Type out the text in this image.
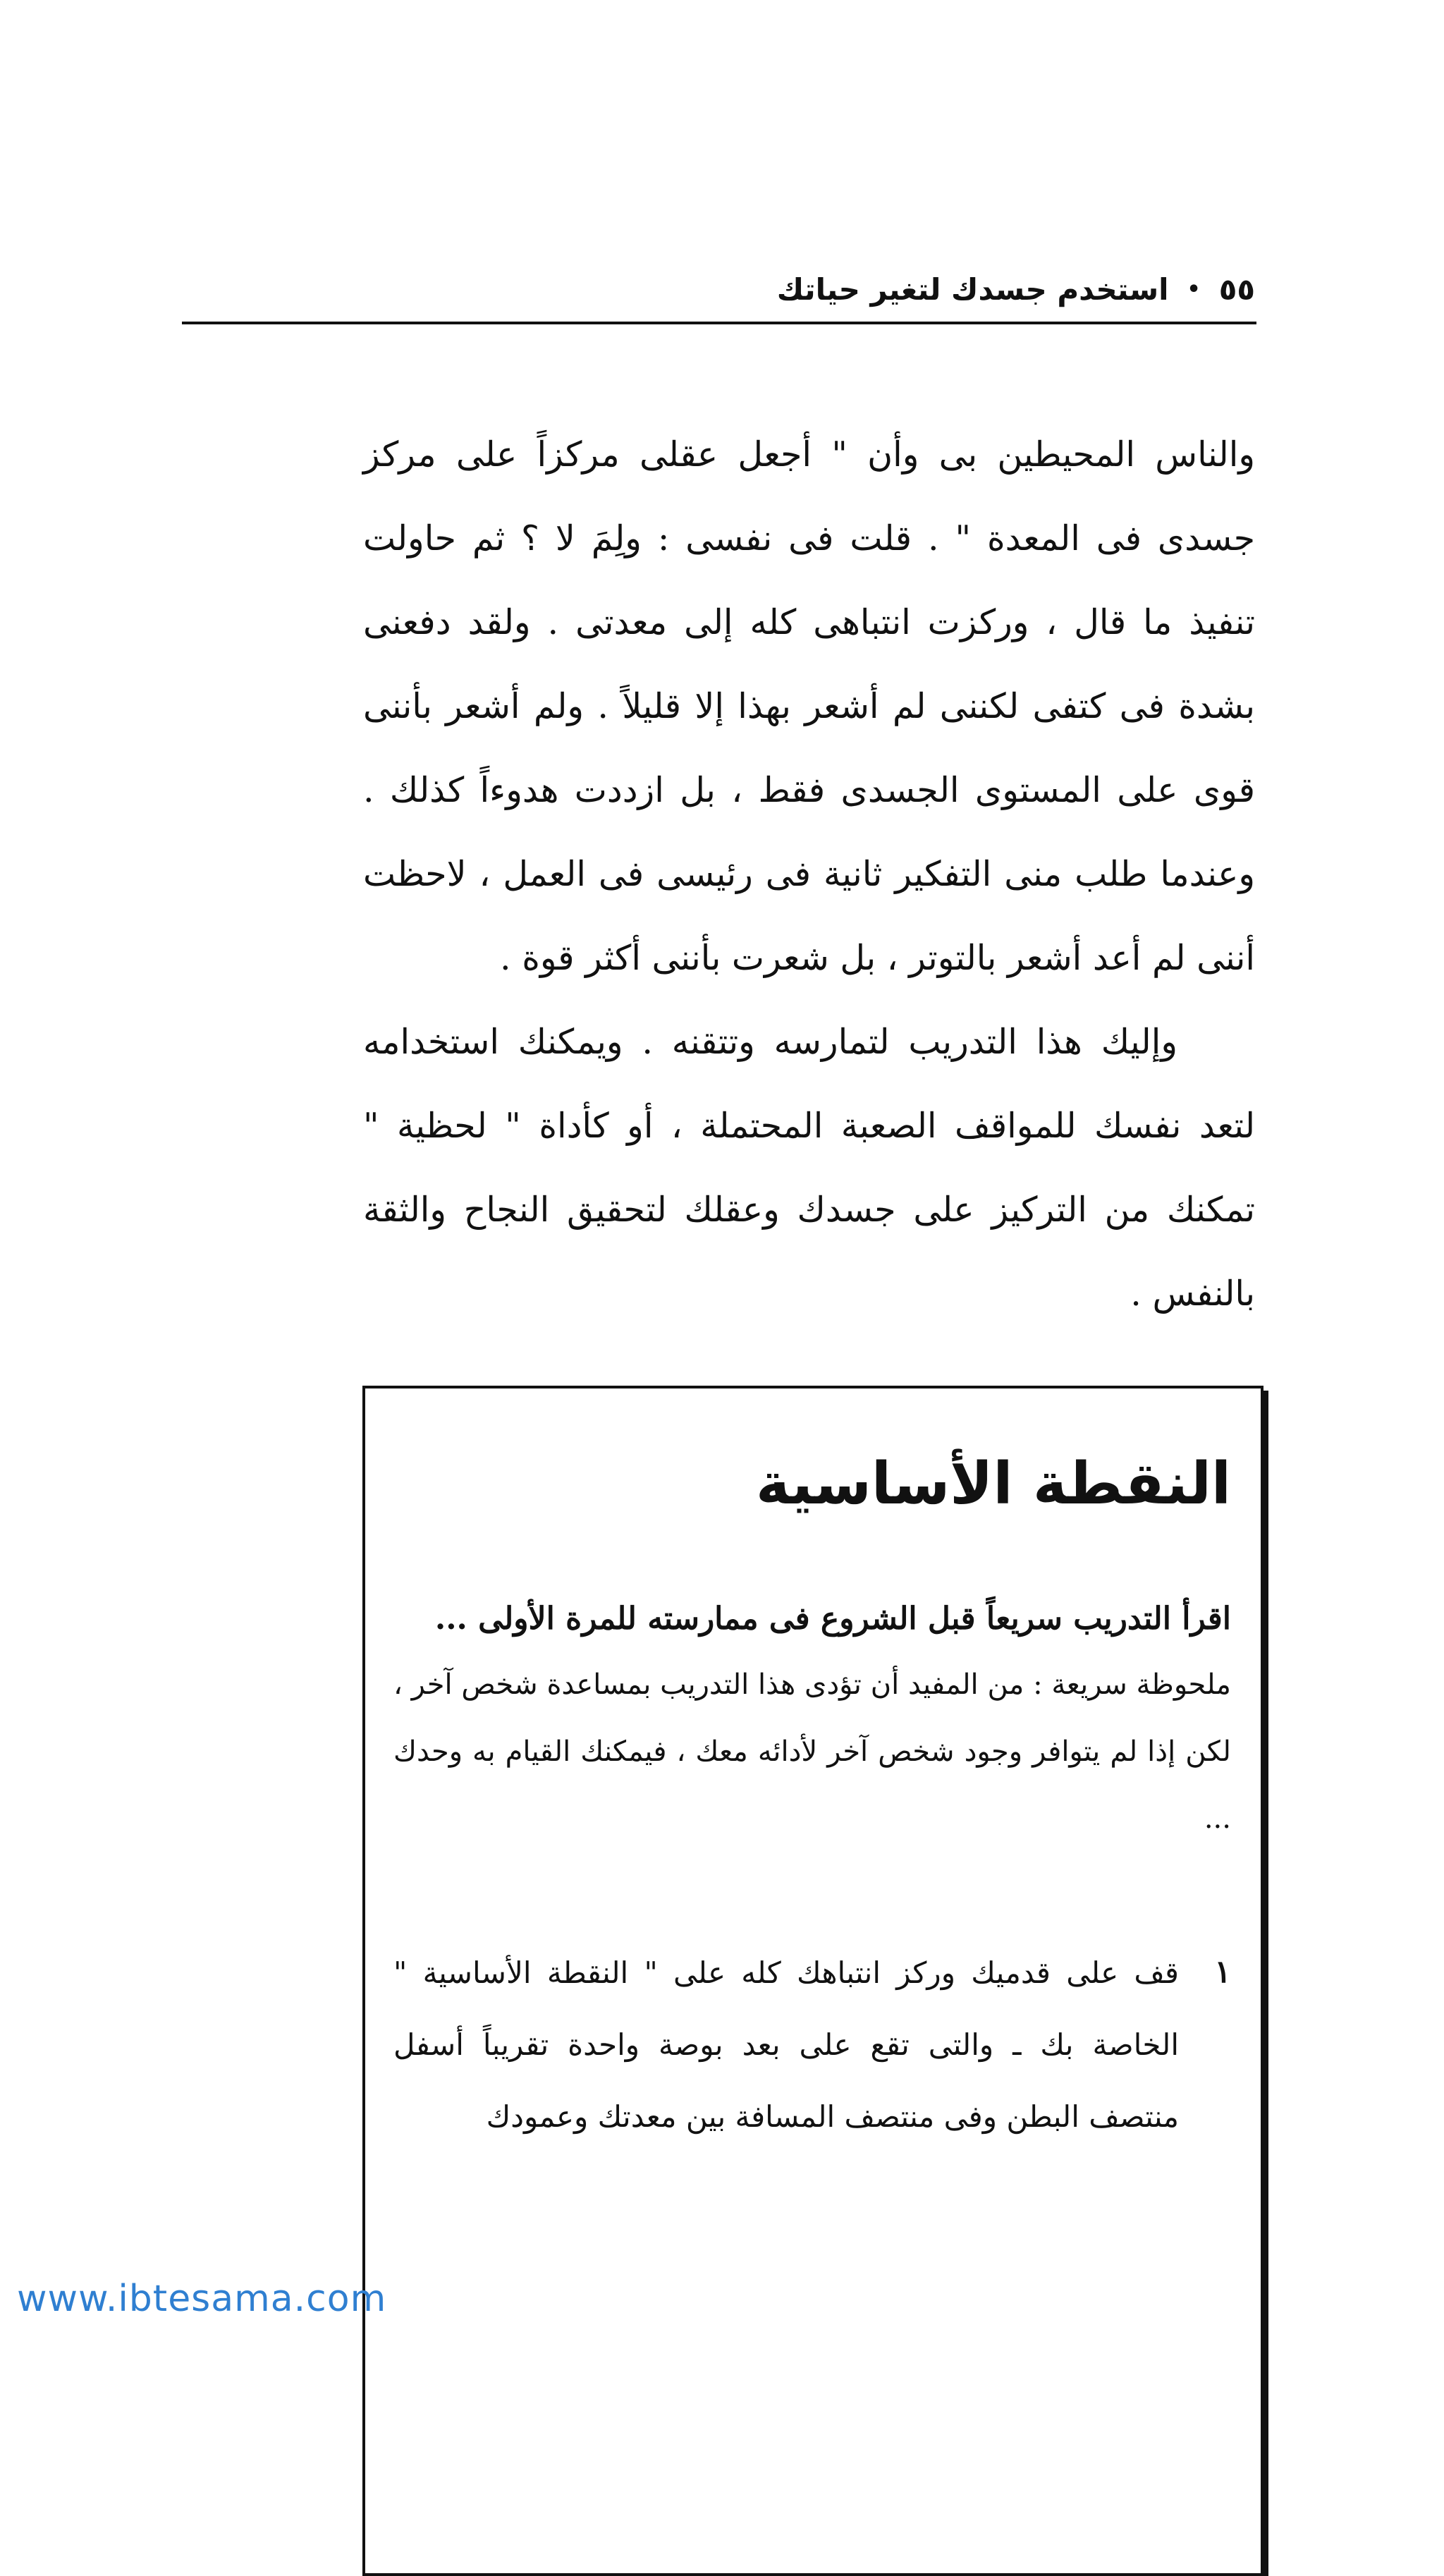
٥٥
•
استخدم جسدك لتغير حياتك

والناس المحيطين بى وأن " أجعل عقلى مركزاً على مركز جسدى فى المعدة " . قلت فى نفسى : ولِمَ لا ؟ ثم حاولت تنفيذ ما قال ، وركزت انتباهى كله إلى معدتى . ولقد دفعنى بشدة فى كتفى لكننى لم أشعر بهذا إلا قليلاً . ولم أشعر بأننى قوى على المستوى الجسدى فقط ، بل ازددت هدوءاً كذلك . وعندما طلب منى التفكير ثانية فى رئيسى فى العمل ، لاحظت أننى لم أعد أشعر بالتوتر ، بل شعرت بأننى أكثر قوة .

وإليك هذا التدريب لتمارسه وتتقنه . ويمكنك استخدامه لتعد نفسك للمواقف الصعبة المحتملة ، أو كأداة " لحظية " تمكنك من التركيز على جسدك وعقلك لتحقيق النجاح والثقة بالنفس .

النقطة الأساسية

اقرأ التدريب سريعاً قبل الشروع فى ممارسته للمرة الأولى ...

ملحوظة سريعة : من المفيد أن تؤدى هذا التدريب بمساعدة شخص آخر ، لكن إذا لم يتوافر وجود شخص آخر لأدائه معك ، فيمكنك القيام به وحدك ...

١
قف على قدميك وركز انتباهك كله على " النقطة الأساسية " الخاصة بك ـ والتى تقع على بعد بوصة واحدة تقريباً أسفل منتصف البطن وفى منتصف المسافة بين معدتك وعمودك
www.ibtesama.com
